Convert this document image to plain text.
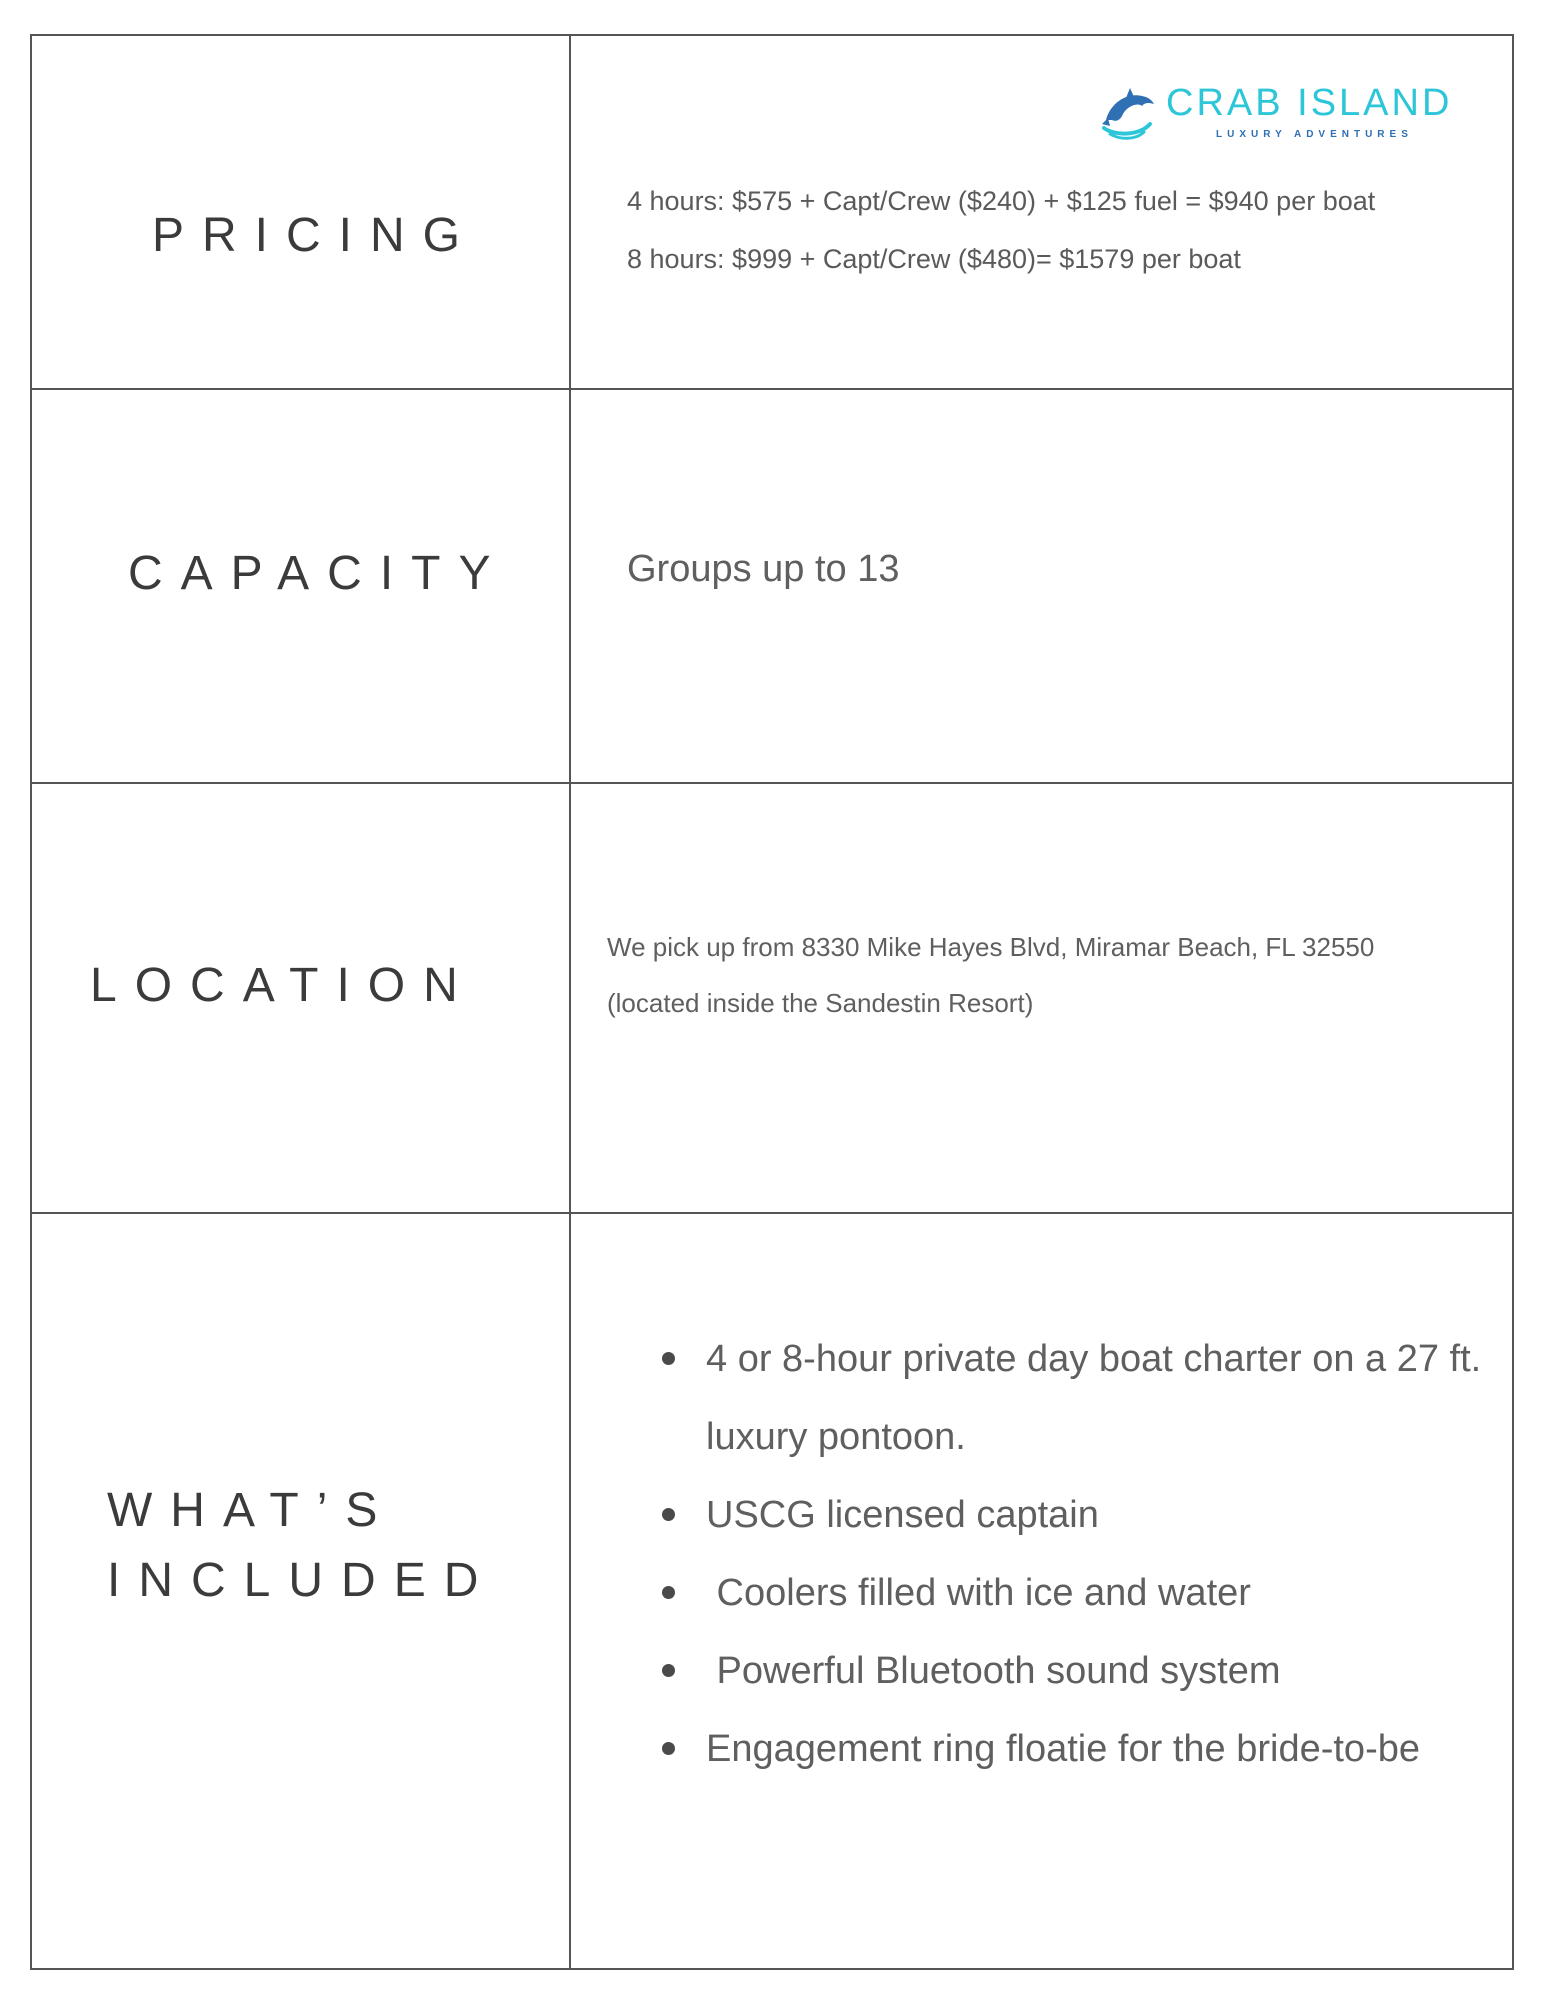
PRICING
CRAB ISLAND
LUXURY ADVENTURES
4 hours: $575 + Capt/Crew ($240) + $125 fuel = $940 per boat
8 hours: $999 + Capt/Crew ($480)= $1579 per boat
CAPACITY	Groups up to 13
LOCATION
We pick up from 8330 Mike Hayes Blvd, Miramar Beach, FL 32550
(located inside the Sandestin Resort)
WHAT’S
INCLUDED
4 or 8-hour private day boat charter on a 27 ft. luxury pontoon.
USCG licensed captain
Coolers filled with ice and water
Powerful Bluetooth sound system
Engagement ring floatie for the bride-to-be
